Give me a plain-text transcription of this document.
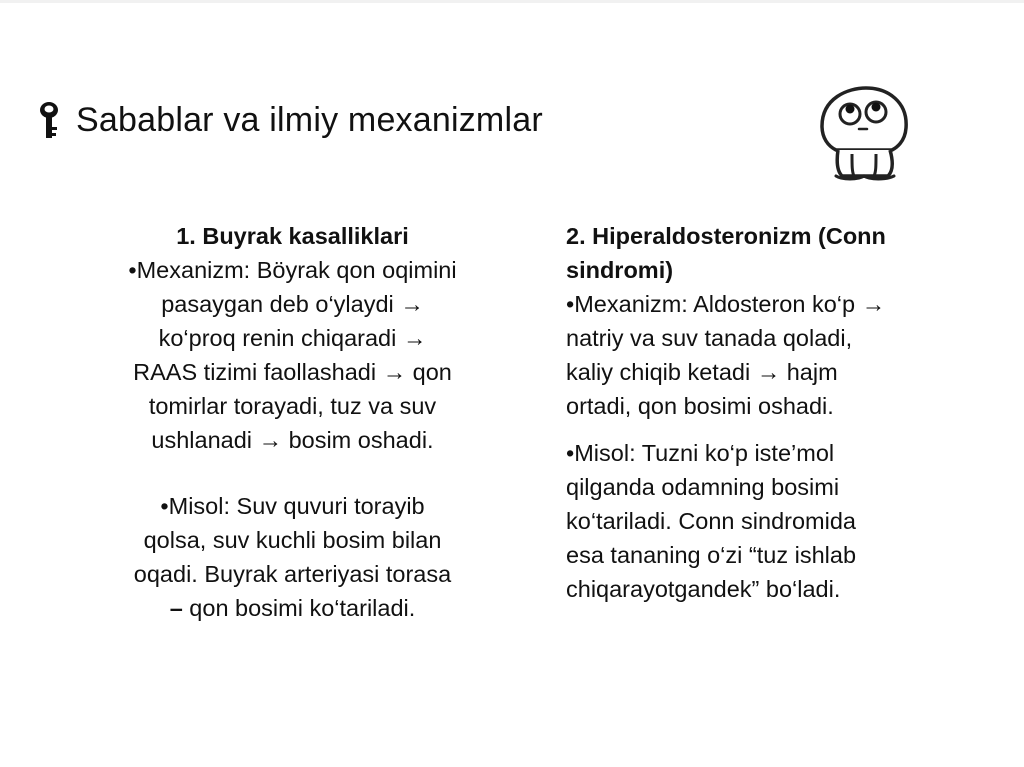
Sabablar va ilmiy mexanizmlar

1. Buyrak kasalliklari

•Mexanizm: Böyrak qon oqimini

pasaygan deb o‘ylaydi →

ko‘proq renin chiqaradi →

RAAS tizimi faollashadi → qon

tomirlar torayadi, tuz va suv

ushlanadi → bosim oshadi.

•Misol: Suv quvuri torayib

qolsa, suv kuchli bosim bilan

oqadi. Buyrak arteriyasi torasa

– qon bosimi ko‘tariladi.

2. Hiperaldosteronizm (Conn

sindromi)

•Mexanizm: Aldosteron ko‘p →

natriy va suv tanada qoladi,

kaliy chiqib ketadi → hajm

ortadi, qon bosimi oshadi.

•Misol: Tuzni ko‘p iste’mol

qilganda odamning bosimi

ko‘tariladi. Conn sindromida

esa tananing o‘zi “tuz ishlab

chiqarayotgandek” bo‘ladi.
